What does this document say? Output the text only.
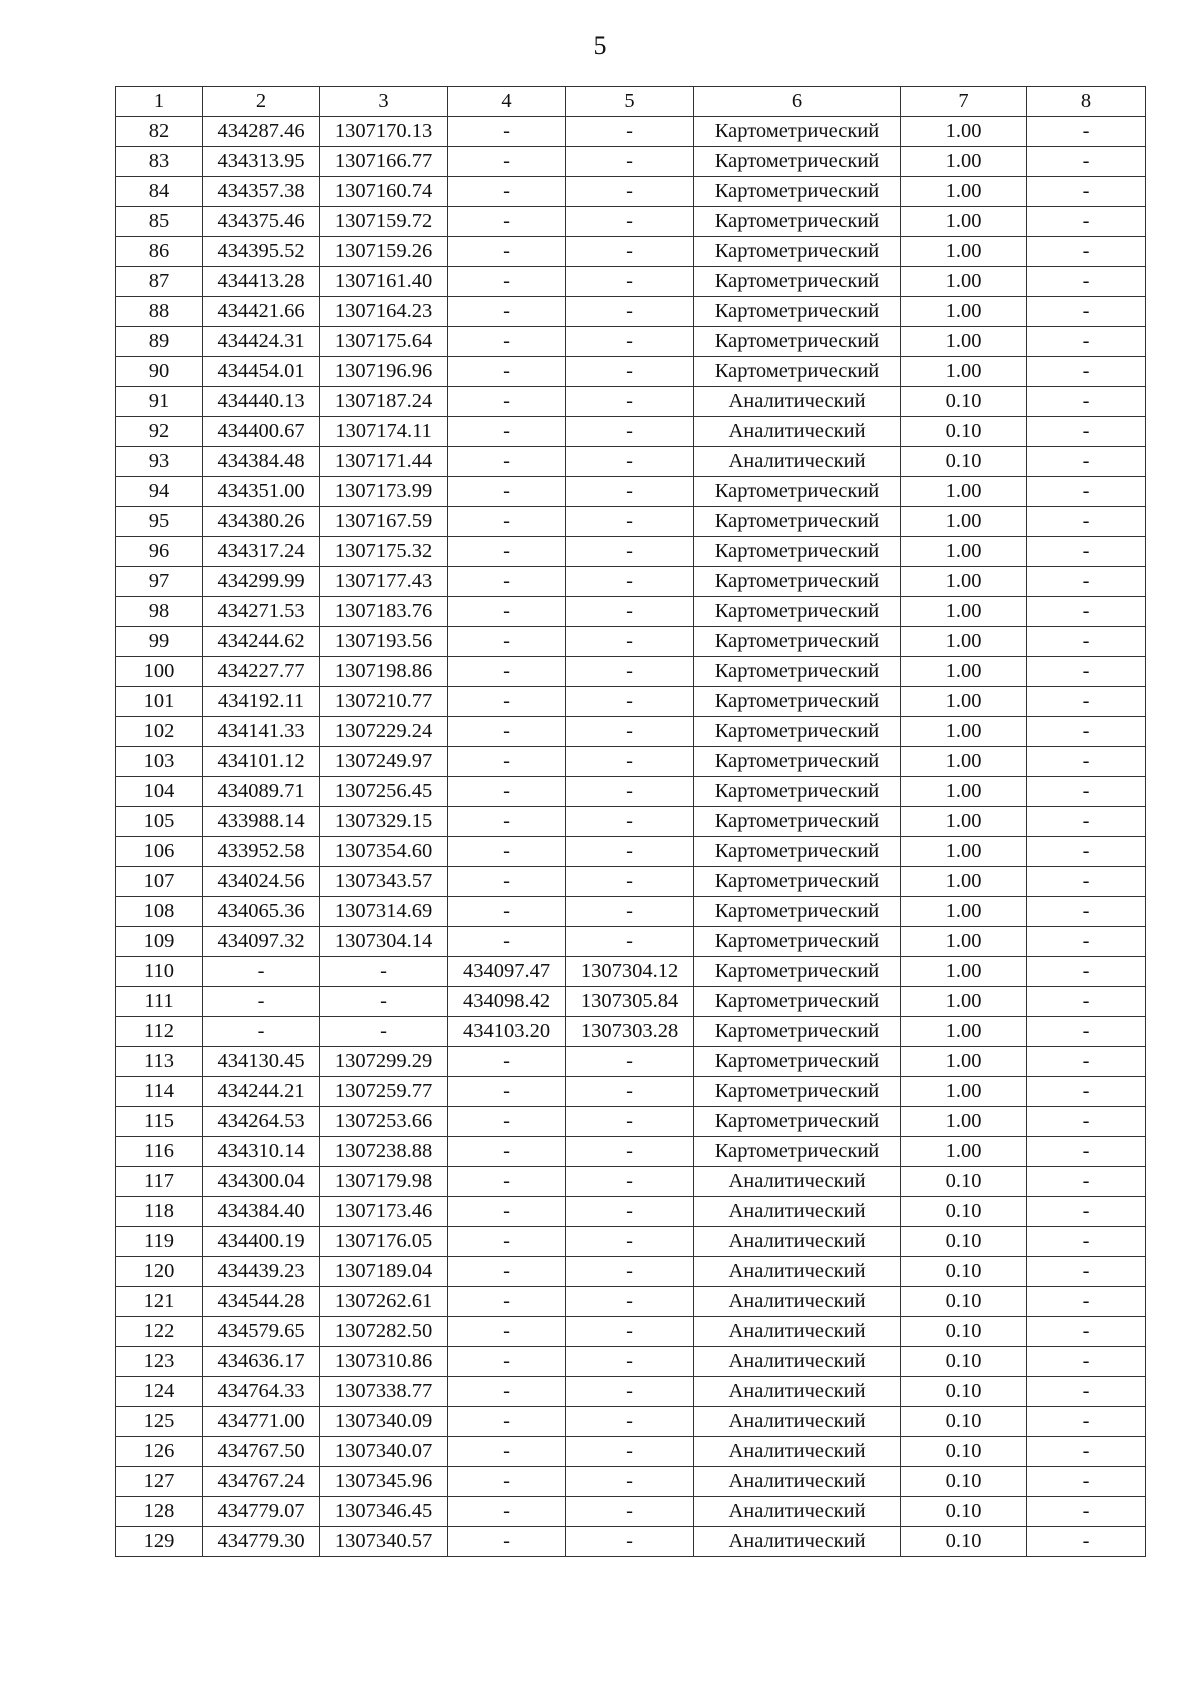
5
1	2	3	4	5	6	7	8
82	434287.46	1307170.13	-	-	Картометрический	1.00	-
83	434313.95	1307166.77	-	-	Картометрический	1.00	-
84	434357.38	1307160.74	-	-	Картометрический	1.00	-
85	434375.46	1307159.72	-	-	Картометрический	1.00	-
86	434395.52	1307159.26	-	-	Картометрический	1.00	-
87	434413.28	1307161.40	-	-	Картометрический	1.00	-
88	434421.66	1307164.23	-	-	Картометрический	1.00	-
89	434424.31	1307175.64	-	-	Картометрический	1.00	-
90	434454.01	1307196.96	-	-	Картометрический	1.00	-
91	434440.13	1307187.24	-	-	Аналитический	0.10	-
92	434400.67	1307174.11	-	-	Аналитический	0.10	-
93	434384.48	1307171.44	-	-	Аналитический	0.10	-
94	434351.00	1307173.99	-	-	Картометрический	1.00	-
95	434380.26	1307167.59	-	-	Картометрический	1.00	-
96	434317.24	1307175.32	-	-	Картометрический	1.00	-
97	434299.99	1307177.43	-	-	Картометрический	1.00	-
98	434271.53	1307183.76	-	-	Картометрический	1.00	-
99	434244.62	1307193.56	-	-	Картометрический	1.00	-
100	434227.77	1307198.86	-	-	Картометрический	1.00	-
101	434192.11	1307210.77	-	-	Картометрический	1.00	-
102	434141.33	1307229.24	-	-	Картометрический	1.00	-
103	434101.12	1307249.97	-	-	Картометрический	1.00	-
104	434089.71	1307256.45	-	-	Картометрический	1.00	-
105	433988.14	1307329.15	-	-	Картометрический	1.00	-
106	433952.58	1307354.60	-	-	Картометрический	1.00	-
107	434024.56	1307343.57	-	-	Картометрический	1.00	-
108	434065.36	1307314.69	-	-	Картометрический	1.00	-
109	434097.32	1307304.14	-	-	Картометрический	1.00	-
110	-	-	434097.47	1307304.12	Картометрический	1.00	-
111	-	-	434098.42	1307305.84	Картометрический	1.00	-
112	-	-	434103.20	1307303.28	Картометрический	1.00	-
113	434130.45	1307299.29	-	-	Картометрический	1.00	-
114	434244.21	1307259.77	-	-	Картометрический	1.00	-
115	434264.53	1307253.66	-	-	Картометрический	1.00	-
116	434310.14	1307238.88	-	-	Картометрический	1.00	-
117	434300.04	1307179.98	-	-	Аналитический	0.10	-
118	434384.40	1307173.46	-	-	Аналитический	0.10	-
119	434400.19	1307176.05	-	-	Аналитический	0.10	-
120	434439.23	1307189.04	-	-	Аналитический	0.10	-
121	434544.28	1307262.61	-	-	Аналитический	0.10	-
122	434579.65	1307282.50	-	-	Аналитический	0.10	-
123	434636.17	1307310.86	-	-	Аналитический	0.10	-
124	434764.33	1307338.77	-	-	Аналитический	0.10	-
125	434771.00	1307340.09	-	-	Аналитический	0.10	-
126	434767.50	1307340.07	-	-	Аналитический	0.10	-
127	434767.24	1307345.96	-	-	Аналитический	0.10	-
128	434779.07	1307346.45	-	-	Аналитический	0.10	-
129	434779.30	1307340.57	-	-	Аналитический	0.10	-
